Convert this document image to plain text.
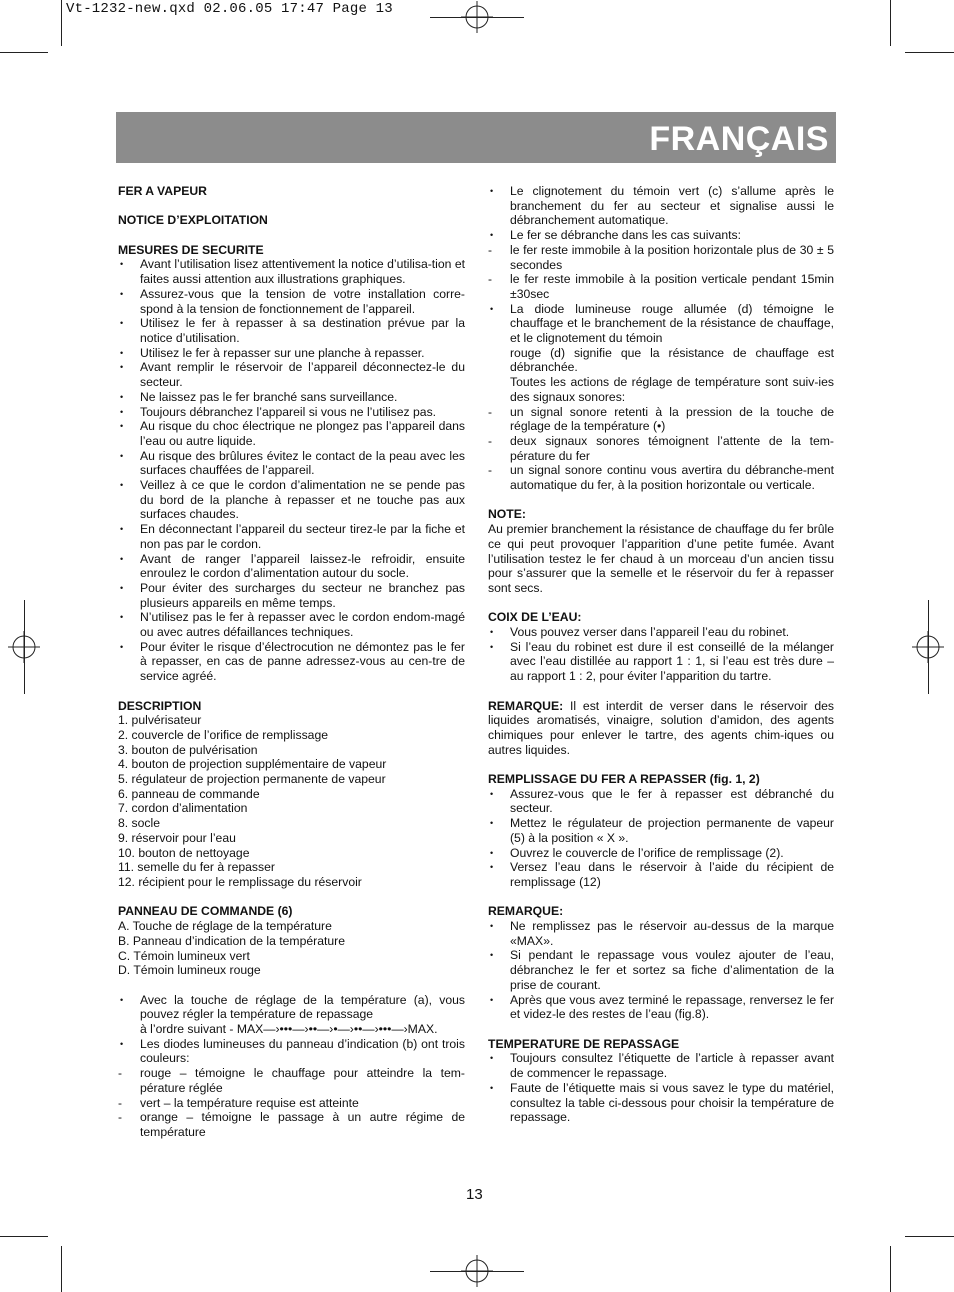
Vt-1232-new.qxd 02.06.05 17:47 Page 13
FRANÇAIS

FER A VAPEUR

NOTICE D’EXPLOITATION

MESURES DE SECURITE

• Avant l’utilisation lisez attentivement la notice d’utilisa-tion et faites aussi attention aux illustrations graphiques.
• Assurez-vous que la tension de votre installation corre-spond à la tension de fonctionnement de l’appareil.
• Utilisez le fer à repasser à sa destination prévue par la notice d’utilisation.
• Utilisez le fer à repasser sur une planche à repasser.
• Avant remplir le réservoir de l’appareil déconnectez-le du secteur.
• Ne laissez pas le fer branché sans surveillance.
• Toujours débranchez l’appareil si vous ne l’utilisez pas.
• Au risque du choc électrique ne plongez pas l’appareil dans l’eau ou autre liquide.
• Au risque des brûlures évitez le contact de la peau avec les surfaces chauffées de l’appareil.
• Veillez à ce que le cordon d’alimentation ne se pende pas du bord de la planche à repasser et ne touche pas aux surfaces chaudes.
• En déconnectant l’appareil du secteur tirez-le par la fiche et non pas par le cordon.
• Avant de ranger l’appareil laissez-le refroidir, ensuite enroulez le cordon d’alimentation autour du socle.
• Pour éviter des surcharges du secteur ne branchez pas plusieurs appareils en même temps.
• N’utilisez pas le fer à repasser avec le cordon endom-magé ou avec autres défaillances techniques.
• Pour éviter le risque d’électrocution ne démontez pas le fer à repasser, en cas de panne adressez-vous au cen-tre de service agréé.

DESCRIPTION

1. pulvérisateur

2. couvercle de l’orifice de remplissage

3. bouton de pulvérisation

4. bouton de projection supplémentaire de vapeur

5. régulateur de projection permanente de vapeur

6. panneau de commande

7. cordon d’alimentation

8. socle

9. réservoir pour l’eau

10. bouton de nettoyage

11. semelle du fer à repasser

12. récipient pour le remplissage du réservoir

PANNEAU DE COMMANDE (6)

A. Touche de réglage de la température

B. Panneau d’indication de la température

C. Témoin lumineux vert

D. Témoin lumineux rouge

• Avec la touche de réglage de la température (a), vous pouvez régler la température de repassage
à l’ordre suivant - MAX—›•••—›••—›•—›••—›•••—›MAX.
• Les diodes lumineuses du panneau d’indication (b) ont trois couleurs:
- rouge – témoigne le chauffage pour atteindre la tem-pérature réglée
- vert – la température requise est atteinte
- orange – témoigne le passage à un autre régime de température
• Le clignotement du témoin vert (c) s’allume après le branchement du fer au secteur et signalise aussi le débranchement automatique.
• Le fer se débranche dans les cas suivants:
- le fer reste immobile à la position horizontale plus de 30 ± 5 secondes
- le fer reste immobile à la position verticale pendant 15min ±30sec
• La diode lumineuse rouge allumée (d) témoigne le chauffage et le branchement de la résistance de chauffage, et le clignotement du témoin
rouge (d) signifie que la résistance de chauffage est débranchée.
Toutes les actions de réglage de température sont suiv-ies des signaux sonores:
- un signal sonore retenti à la pression de la touche de réglage de la température (•)
- deux signaux sonores témoignent l’attente de la tem-pérature du fer
- un signal sonore continu vous avertira du débranche-ment automatique du fer, à la position horizontale ou verticale.

NOTE:

Au premier branchement la résistance de chauffage du fer brûle ce qui peut provoquer l’apparition d’une petite fumée. Avant l’utilisation testez le fer chaud à un morceau d’un ancien tissu pour s’assurer que la semelle et le réservoir du fer à repasser sont secs.

COIX DE L’EAU:

• Vous pouvez verser dans l’appareil l’eau du robinet.
• Si l’eau du robinet est dure il est conseillé de la mélanger avec l’eau distillée au rapport 1 : 1, si l’eau est très dure – au rapport 1 : 2, pour éviter l’apparition du tartre.

REMARQUE: Il est interdit de verser dans le réservoir des liquides aromatisés, vinaigre, solution d’amidon, des agents chimiques pour enlever le tartre, des agents chim-iques ou autres liquides.

REMPLISSAGE DU FER A REPASSER (fig. 1, 2)

• Assurez-vous que le fer à repasser est débranché du secteur.
• Mettez le régulateur de projection permanente de vapeur (5) à la position « X ».
• Ouvrez le couvercle de l’orifice de remplissage (2).
• Versez l’eau dans le réservoir à l’aide du récipient de remplissage (12)

REMARQUE:

• Ne remplissez pas le réservoir au-dessus de la marque «MAX».
• Si pendant le repassage vous voulez ajouter de l’eau, débranchez le fer et sortez sa fiche d’alimentation de la prise de courant.
• Après que vous avez terminé le repassage, renversez le fer et videz-le des restes de l’eau (fig.8).

TEMPERATURE DE REPASSAGE

• Toujours consultez l’étiquette de l’article à repasser avant de commencer le repassage.
• Faute de l’étiquette mais si vous savez le type du matériel, consultez la table ci-dessous pour choisir la température de repassage.
13
